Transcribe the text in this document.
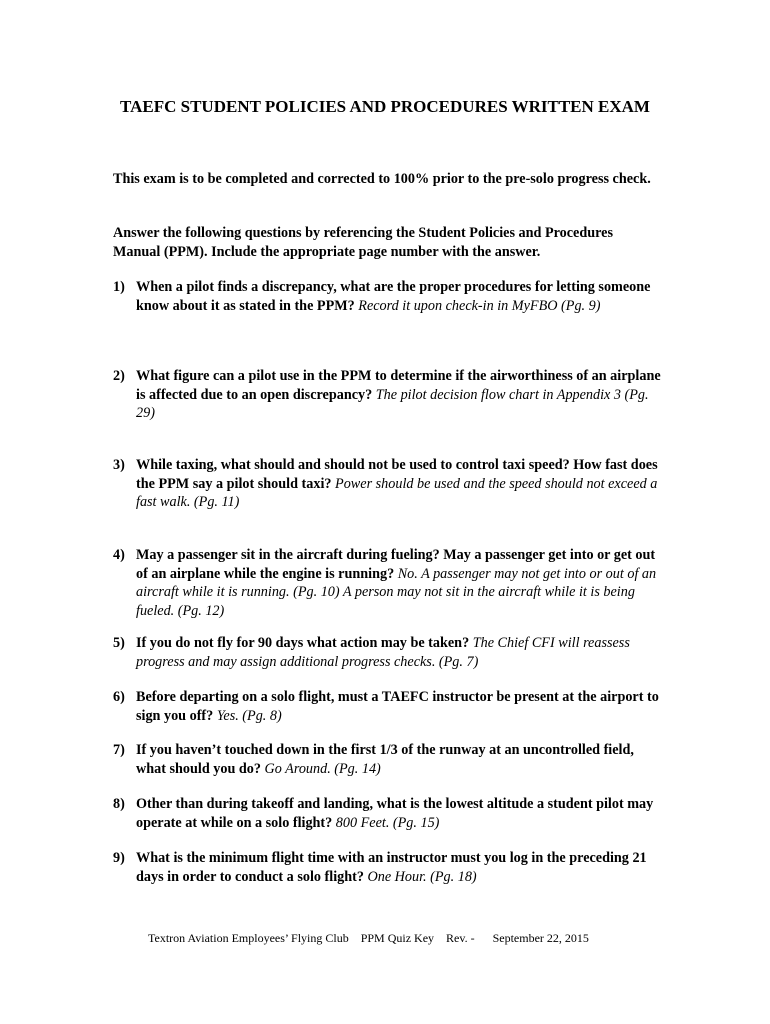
TAEFC STUDENT POLICIES AND PROCEDURES WRITTEN EXAM

This exam is to be completed and corrected to 100% prior to the pre-solo progress check.

Answer the following questions by referencing the Student Policies and Procedures Manual (PPM). Include the appropriate page number with the answer.

1) When a pilot finds a discrepancy, what are the proper procedures for letting someone know about it as stated in the PPM? Record it upon check-in in MyFBO (Pg. 9)
2) What figure can a pilot use in the PPM to determine if the airworthiness of an airplane is affected due to an open discrepancy? The pilot decision flow chart in Appendix 3 (Pg. 29)
3) While taxing, what should and should not be used to control taxi speed? How fast does the PPM say a pilot should taxi? Power should be used and the speed should not exceed a fast walk. (Pg. 11)
4) May a passenger sit in the aircraft during fueling? May a passenger get into or get out of an airplane while the engine is running? No. A passenger may not get into or out of an aircraft while it is running. (Pg. 10) A person may not sit in the aircraft while it is being fueled. (Pg. 12)
5) If you do not fly for 90 days what action may be taken? The Chief CFI will reassess progress and may assign additional progress checks. (Pg. 7)
6) Before departing on a solo flight, must a TAEFC instructor be present at the airport to sign you off? Yes. (Pg. 8)
7) If you haven’t touched down in the first 1/3 of the runway at an uncontrolled field, what should you do? Go Around. (Pg. 14)
8) Other than during takeoff and landing, what is the lowest altitude a student pilot may operate at while on a solo flight? 800 Feet. (Pg. 15)
9) What is the minimum flight time with an instructor must you log in the preceding 21 days in order to conduct a solo flight? One Hour. (Pg. 18)
Textron Aviation Employees’ Flying Club PPM Quiz Key Rev. - September 22, 2015
